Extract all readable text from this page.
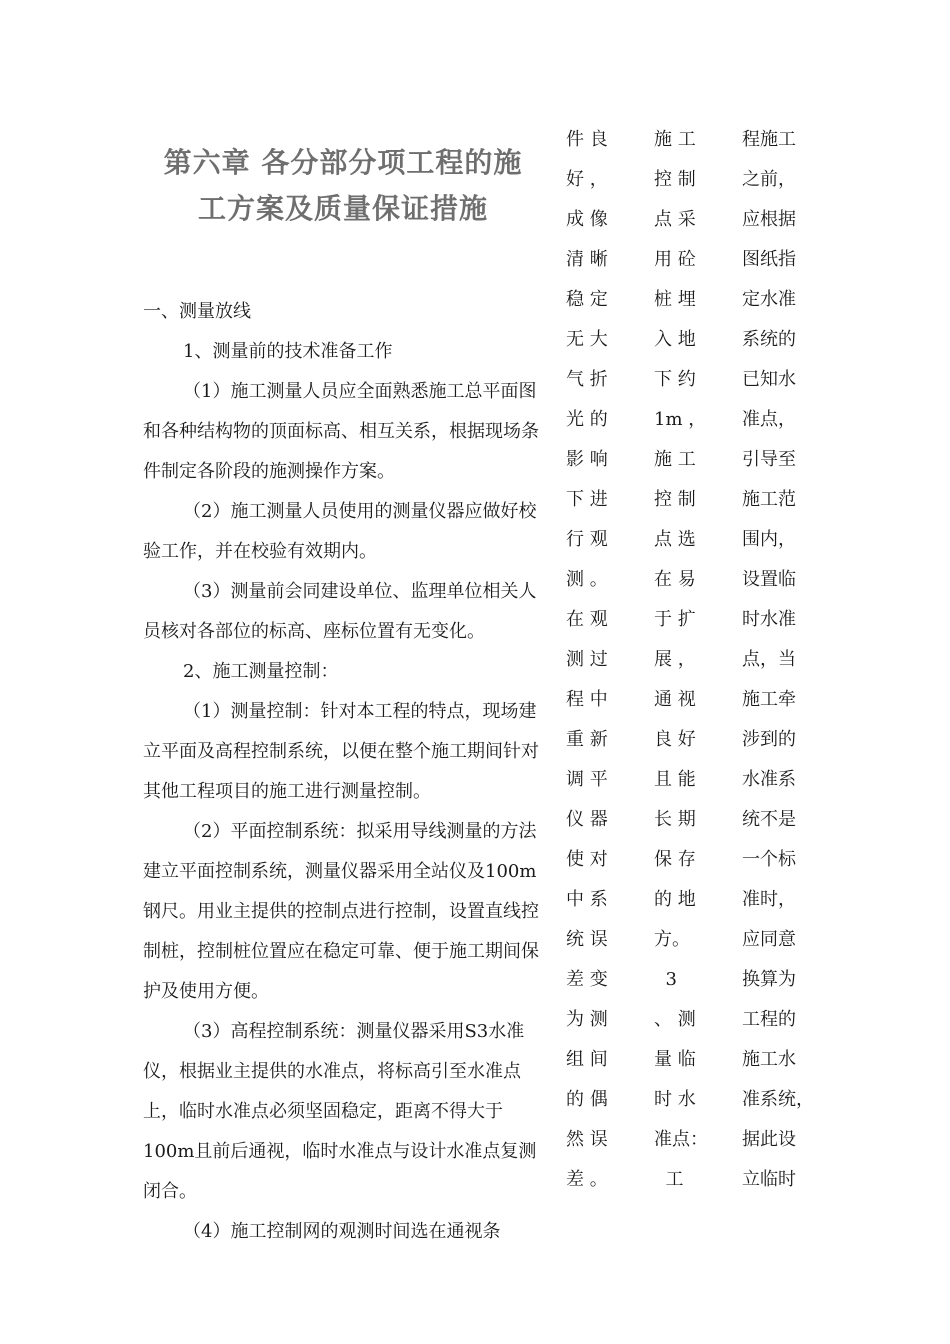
第六章 各分部分项工程的施
工方案及质量保证措施

一、测量放线

1、测量前的技术准备工作

（1）施工测量人员应全面熟悉施工总平面图和各种结构物的顶面标高、相互关系，根据现场条件制定各阶段的施测操作方案。

（2）施工测量人员使用的测量仪器应做好校验工作，并在校验有效期内。

（3）测量前会同建设单位、监理单位相关人员核对各部位的标高、座标位置有无变化。

2、施工测量控制：

（1）测量控制：针对本工程的特点，现场建立平面及高程控制系统，以便在整个施工期间针对其他工程项目的施工进行测量控制。

（2）平面控制系统：拟采用导线测量的方法建立平面控制系统，测量仪器采用全站仪及100m钢尺。用业主提供的控制点进行控制，设置直线控制桩，控制桩位置应在稳定可靠、便于施工期间保护及使用方便。

（3）高程控制系统：测量仪器采用S3水准仪，根据业主提供的水准点，将标高引至水准点上，临时水准点必须坚固稳定，距离不得大于100m且前后通视，临时水准点与设计水准点复测闭合。

（4）施工控制网的观测时间选在通视条

件 良
好 ，
成 像
清 晰
稳 定
无 大
气 折
光 的
影 响
下 进
行 观
测 。
在 观
测 过
程 中
重 新
调 平
仪 器
使 对
中 系
统 误
差 变
为 测
组 间
的 偶
然 误
差 。
施 工
控 制
点 采
用 砼
桩 埋
入 地
下 约
1m ，
施 工
控 制
点 选
在 易
于 扩
展 ，
通 视
良 好
且 能
长 期
保 存
的 地
方。
3
、 测
量 临
时 水
准点：
工
程施工
之前，
应根据
图纸指
定水准
系统的
已知水
准点，
引导至
施工范
围内，
设置临
时水准
点，当
施工牵
涉到的
水准系
统不是
一个标
准时，
应同意
换算为
工程的
施工水
准系统，
据此设
立临时
